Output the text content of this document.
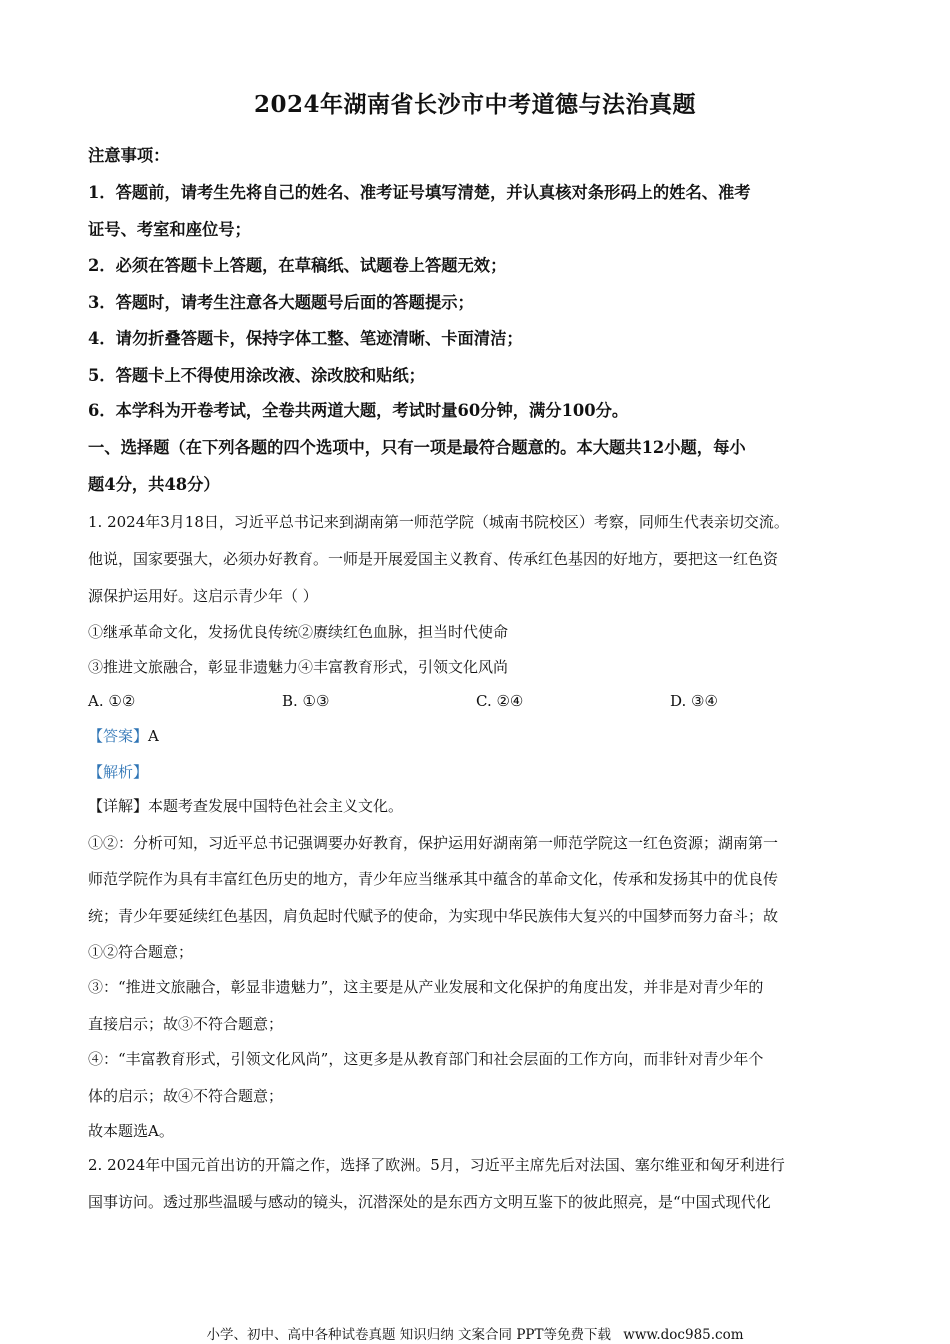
2024年湖南省长沙市中考道德与法治真题
注意事项：
1．答题前，请考生先将自己的姓名、准考证号填写清楚，并认真核对条形码上的姓名、准考
证号、考室和座位号；
2．必须在答题卡上答题，在草稿纸、试题卷上答题无效；
3．答题时，请考生注意各大题题号后面的答题提示；
4．请勿折叠答题卡，保持字体工整、笔迹清晰、卡面清洁；
5．答题卡上不得使用涂改液、涂改胶和贴纸；
6．本学科为开卷考试，全卷共两道大题，考试时量60分钟，满分100分。
一、选择题（在下列各题的四个选项中，只有一项是最符合题意的。本大题共12小题，每小
题4分，共48分）
1. 2024年3月18日，习近平总书记来到湖南第一师范学院（城南书院校区）考察，同师生代表亲切交流。
他说，国家要强大，必须办好教育。一师是开展爱国主义教育、传承红色基因的好地方，要把这一红色资
源保护运用好。这启示青少年（ ）
①继承革命文化，发扬优良传统②赓续红色血脉，担当时代使命
③推进文旅融合，彰显非遗魅力④丰富教育形式，引领文化风尚
A. ①②	B. ①③	C. ②④	D. ③④
【答案】A
【解析】
【详解】本题考查发展中国特色社会主义文化。
①②：分析可知，习近平总书记强调要办好教育，保护运用好湖南第一师范学院这一红色资源；湖南第一
师范学院作为具有丰富红色历史的地方，青少年应当继承其中蕴含的革命文化，传承和发扬其中的优良传
统；青少年要延续红色基因，肩负起时代赋予的使命，为实现中华民族伟大复兴的中国梦而努力奋斗；故
①②符合题意；
③：“推进文旅融合，彰显非遗魅力”，这主要是从产业发展和文化保护的角度出发，并非是对青少年的
直接启示；故③不符合题意；
④：“丰富教育形式，引领文化风尚”，这更多是从教育部门和社会层面的工作方向，而非针对青少年个
体的启示；故④不符合题意；
故本题选A。
2. 2024年中国元首出访的开篇之作，选择了欧洲。5月，习近平主席先后对法国、塞尔维亚和匈牙利进行
国事访问。透过那些温暖与感动的镜头，沉潜深处的是东西方文明互鉴下的彼此照亮，是“中国式现代化
小学、初中、高中各种试卷真题 知识归纳 文案合同 PPT等免费下载 www.doc985.com
